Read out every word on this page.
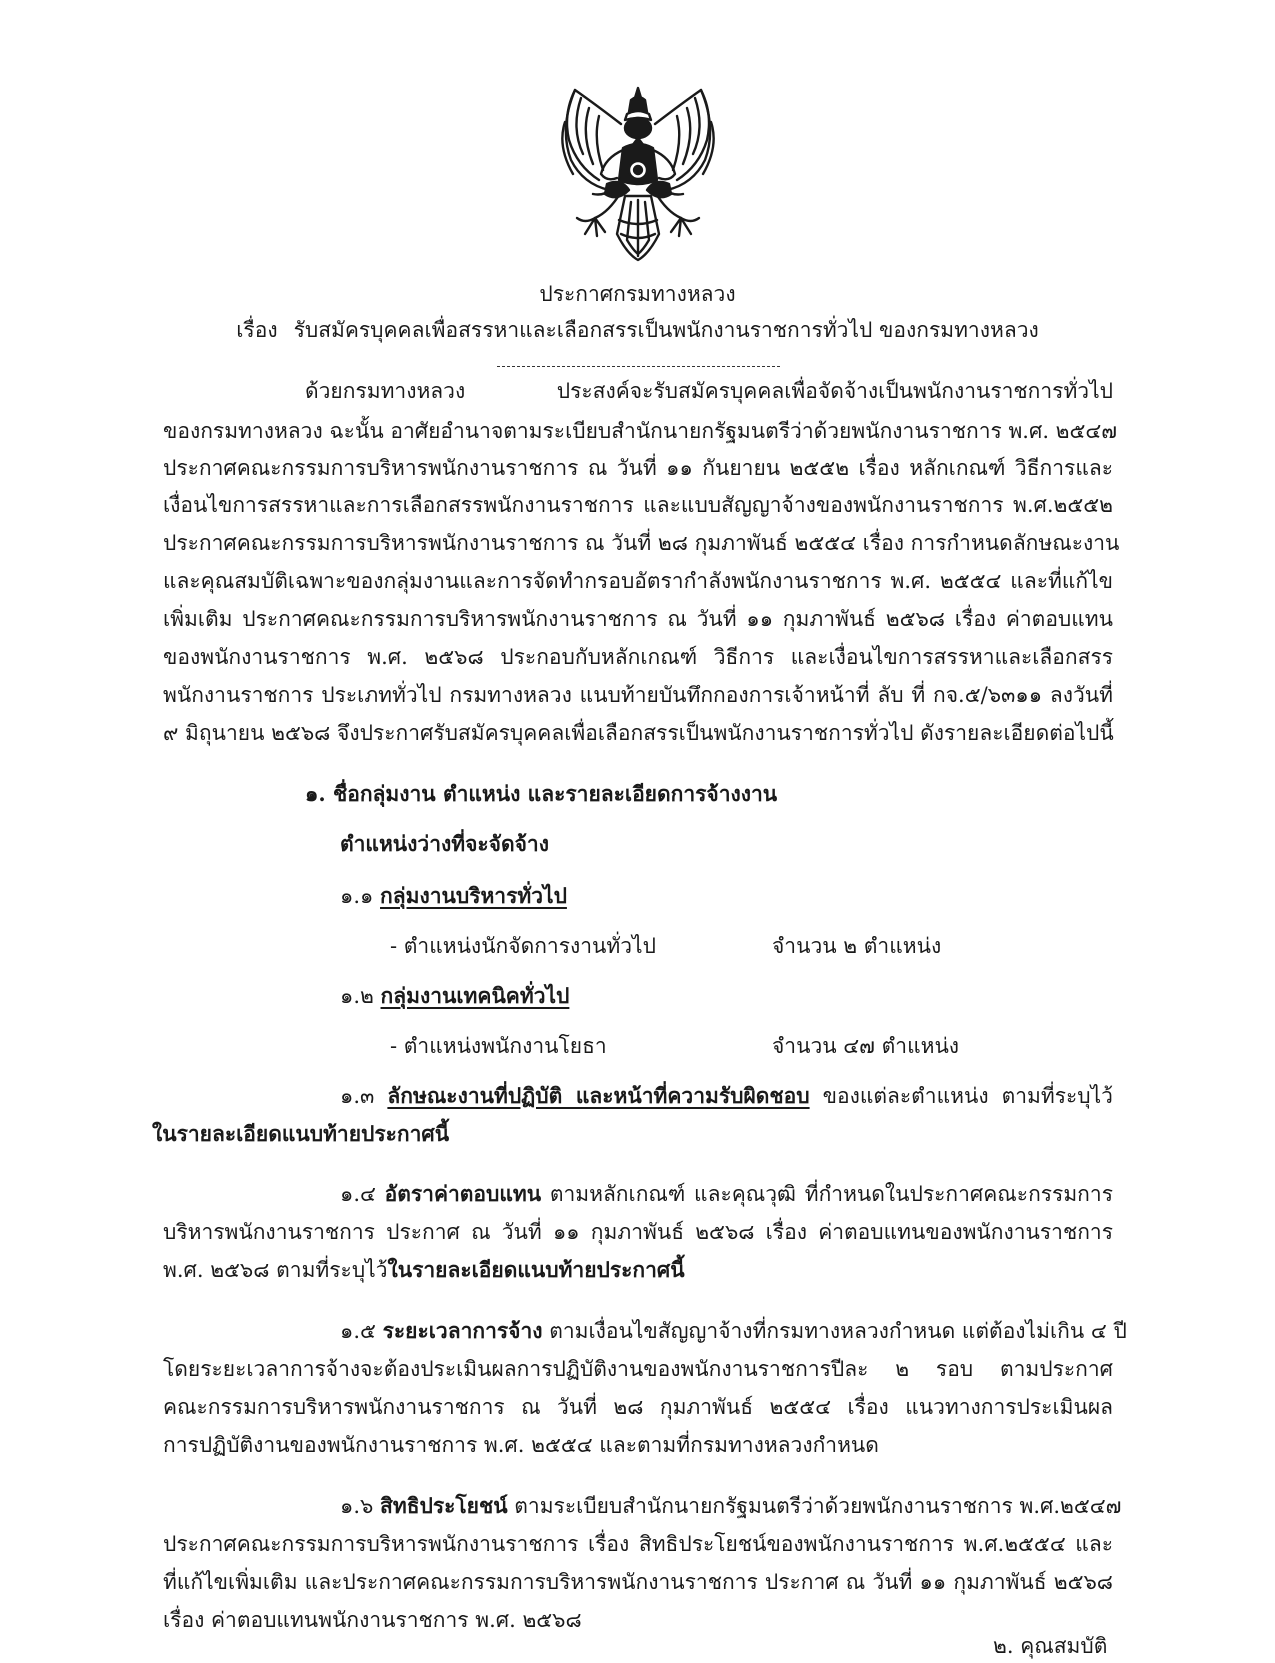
ประกาศกรมทางหลวง
เรื่อง รับสมัครบุคคลเพื่อสรรหาและเลือกสรรเป็นพนักงานราชการทั่วไป ของกรมทางหลวง
ด้วยกรมทางหลวง ประสงค์จะรับสมัครบุคคลเพื่อจัดจ้างเป็นพนักงานราชการทั่วไป
ของกรมทางหลวง ฉะนั้น อาศัยอำนาจตามระเบียบสำนักนายกรัฐมนตรีว่าด้วยพนักงานราชการ พ.ศ. ๒๕๔๗
ประกาศคณะกรรมการบริหารพนักงานราชการ ณ วันที่ ๑๑ กันยายน ๒๕๕๒ เรื่อง หลักเกณฑ์ วิธีการและ
เงื่อนไขการสรรหาและการเลือกสรรพนักงานราชการ และแบบสัญญาจ้างของพนักงานราชการ พ.ศ.๒๕๕๒
ประกาศคณะกรรมการบริหารพนักงานราชการ ณ วันที่ ๒๘ กุมภาพันธ์ ๒๕๕๔ เรื่อง การกำหนดลักษณะงาน
และคุณสมบัติเฉพาะของกลุ่มงานและการจัดทำกรอบอัตรากำลังพนักงานราชการ พ.ศ. ๒๕๕๔ และที่แก้ไข
เพิ่มเติม ประกาศคณะกรรมการบริหารพนักงานราชการ ณ วันที่ ๑๑ กุมภาพันธ์ ๒๕๖๘ เรื่อง ค่าตอบแทน
ของพนักงานราชการ พ.ศ. ๒๕๖๘ ประกอบกับหลักเกณฑ์ วิธีการ และเงื่อนไขการสรรหาและเลือกสรร
พนักงานราชการ ประเภททั่วไป กรมทางหลวง แนบท้ายบันทึกกองการเจ้าหน้าที่ ลับ ที่ กจ.๕/๖๓๑๑ ลงวันที่
๙ มิถุนายน ๒๕๖๘ จึงประกาศรับสมัครบุคคลเพื่อเลือกสรรเป็นพนักงานราชการทั่วไป ดังรายละเอียดต่อไปนี้
๑. ชื่อกลุ่มงาน ตำแหน่ง และรายละเอียดการจ้างงาน
ตำแหน่งว่างที่จะจัดจ้าง
๑.๑ กลุ่มงานบริหารทั่วไป
- ตำแหน่งนักจัดการงานทั่วไป	จำนวน ๒ ตำแหน่ง
๑.๒ กลุ่มงานเทคนิคทั่วไป
- ตำแหน่งพนักงานโยธา	จำนวน ๔๗ ตำแหน่ง
๑.๓ ลักษณะงานที่ปฏิบัติ และหน้าที่ความรับผิดชอบ ของแต่ละตำแหน่ง ตามที่ระบุไว้
ในรายละเอียดแนบท้ายประกาศนี้
๑.๔ อัตราค่าตอบแทน ตามหลักเกณฑ์ และคุณวุฒิ ที่กำหนดในประกาศคณะกรรมการ
บริหารพนักงานราชการ ประกาศ ณ วันที่ ๑๑ กุมภาพันธ์ ๒๕๖๘ เรื่อง ค่าตอบแทนของพนักงานราชการ
พ.ศ. ๒๕๖๘ ตามที่ระบุไว้ในรายละเอียดแนบท้ายประกาศนี้
๑.๕ ระยะเวลาการจ้าง ตามเงื่อนไขสัญญาจ้างที่กรมทางหลวงกำหนด แต่ต้องไม่เกิน ๔ ปี
โดยระยะเวลาการจ้างจะต้องประเมินผลการปฏิบัติงานของพนักงานราชการปีละ ๒ รอบ ตามประกาศ
คณะกรรมการบริหารพนักงานราชการ ณ วันที่ ๒๘ กุมภาพันธ์ ๒๕๕๔ เรื่อง แนวทางการประเมินผล
การปฏิบัติงานของพนักงานราชการ พ.ศ. ๒๕๕๔ และตามที่กรมทางหลวงกำหนด
๑.๖ สิทธิประโยชน์ ตามระเบียบสำนักนายกรัฐมนตรีว่าด้วยพนักงานราชการ พ.ศ.๒๕๔๗
ประกาศคณะกรรมการบริหารพนักงานราชการ เรื่อง สิทธิประโยชน์ของพนักงานราชการ พ.ศ.๒๕๕๔ และ
ที่แก้ไขเพิ่มเติม และประกาศคณะกรรมการบริหารพนักงานราชการ ประกาศ ณ วันที่ ๑๑ กุมภาพันธ์ ๒๕๖๘
เรื่อง ค่าตอบแทนพนักงานราชการ พ.ศ. ๒๕๖๘
๒. คุณสมบัติ
